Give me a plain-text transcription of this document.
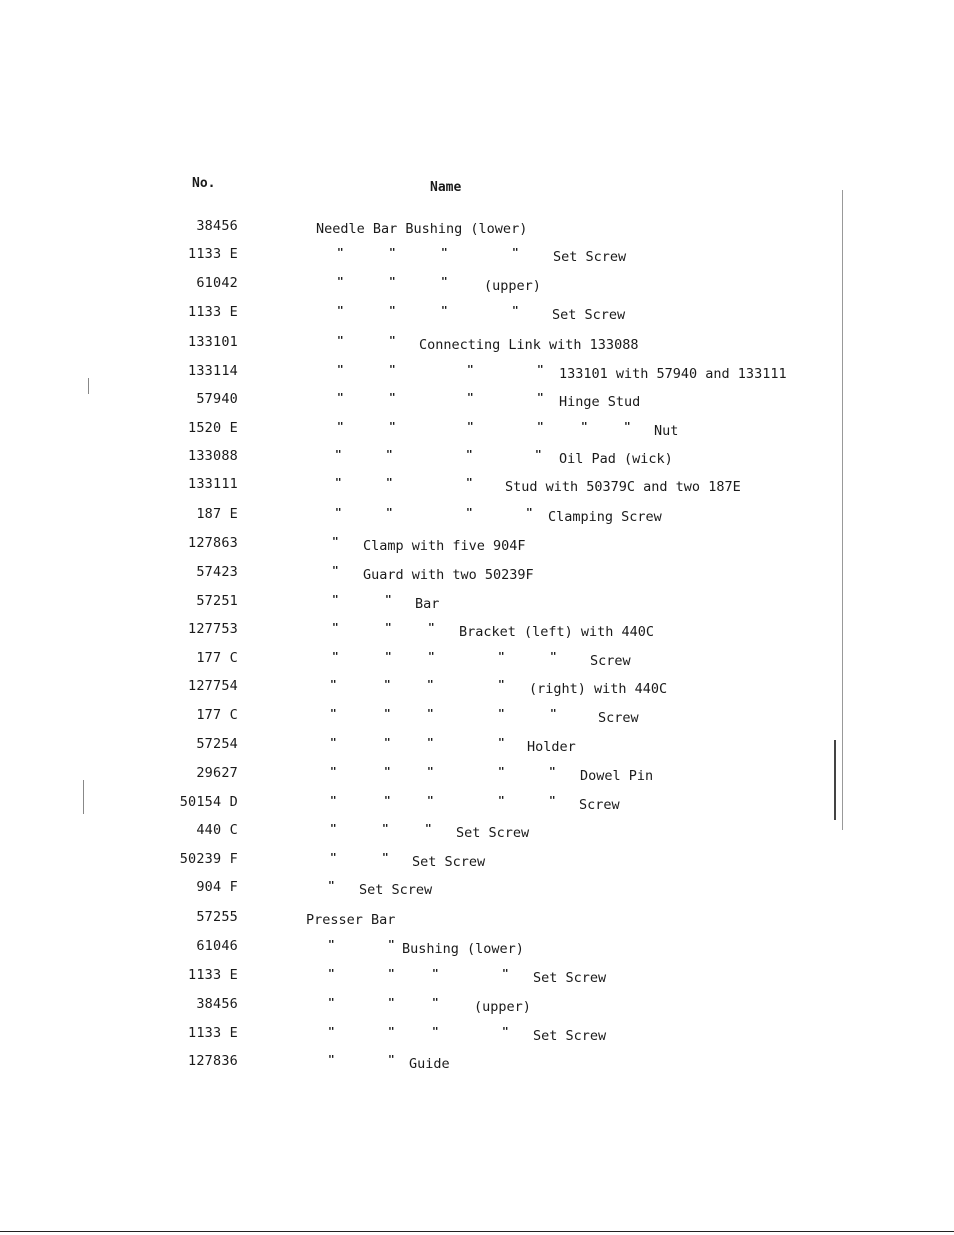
No.	Name
38456	Needle Bar Bushing (lower)
1133 E	"	"	"	"	Set Screw
61042	"	"	"	(upper)
1133 E	"	"	"	" Set Screw
133101	"	" Connecting Link with 133088
133114	"	"	"	" 133101 with 57940 and 133111
57940	"	"	"	" Hinge Stud
1520 E	"	"	"	"	"	" Nut
133088	"	"	"	" Oil Pad (wick)
133111	"	"	" Stud with 50379C and two 187E
187 E	"	"	"	" Clamping Screw
127863	" Clamp with five 904F
57423	" Guard with two 50239F
57251	"	" Bar
127753	"	"	" Bracket (left) with 440C
177 C	"	"	"	"	" Screw
127754	"	"	"	" (right) with 440C
177 C	"	"	"	"	"	Screw
57254	"	"	"	" Holder
29627	"	"	"	"	" Dowel Pin
50154 D	"	"	"	"	" Screw
440 C	"	"	" Set Screw
50239 F	"	" Set Screw
904 F	" Set Screw
57255	Presser Bar
61046	"	" Bushing (lower)
1133 E	"	"	"	" Set Screw
38456	"	"	"	(upper)
1133 E	"	"	"	" Set Screw
127836	"	" Guide
